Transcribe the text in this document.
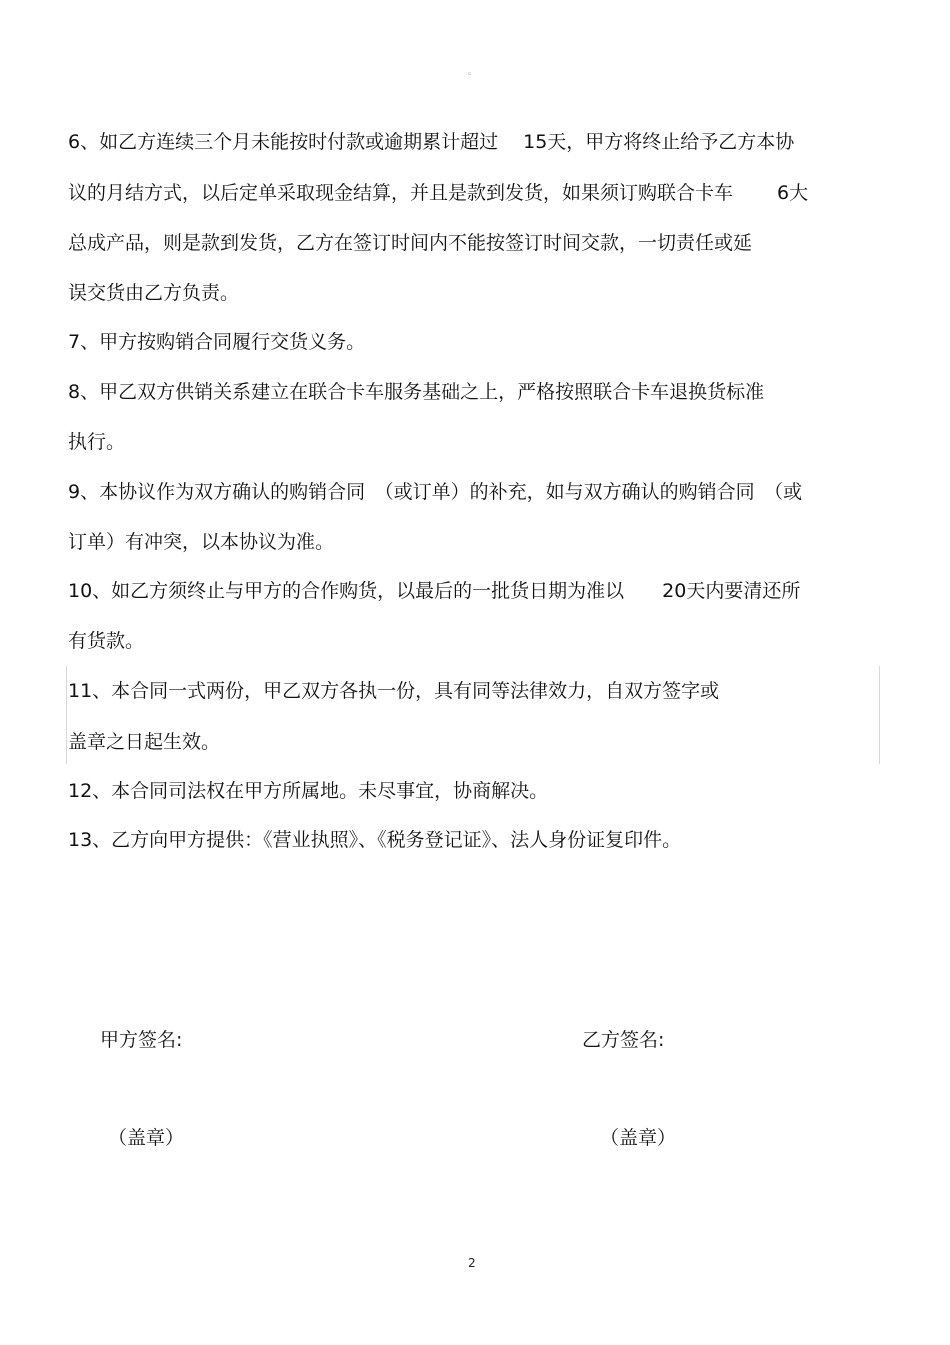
。
6、如乙方连续三个月未能按时付款或逾期累计超过　 15天，甲方将终止给予乙方本协
议的月结方式，以后定单采取现金结算，并且是款到发货，如果须订购联合卡车　　 6大
总成产品，则是款到发货，乙方在签订时间内不能按签订时间交款，一切责任或延
误交货由乙方负责。
7、甲方按购销合同履行交货义务。
8、甲乙双方供销关系建立在联合卡车服务基础之上，严格按照联合卡车退换货标准
执行。
9、本协议作为双方确认的购销合同　（或订单）的补充，如与双方确认的购销合同　（或
订单）有冲突，以本协议为准。
10、如乙方须终止与甲方的合作购货，以最后的一批货日期为准以　　20天内要清还所
有货款。
11、本合同一式两份，甲乙双方各执一份，具有同等法律效力，自双方签字或
盖章之日起生效。
12、本合同司法权在甲方所属地。未尽事宜，协商解决。
13、乙方向甲方提供：《营业执照》、《税务登记证》、法人身份证复印件。
甲方签名:	乙方签名:
（盖章）	（盖章）
2
